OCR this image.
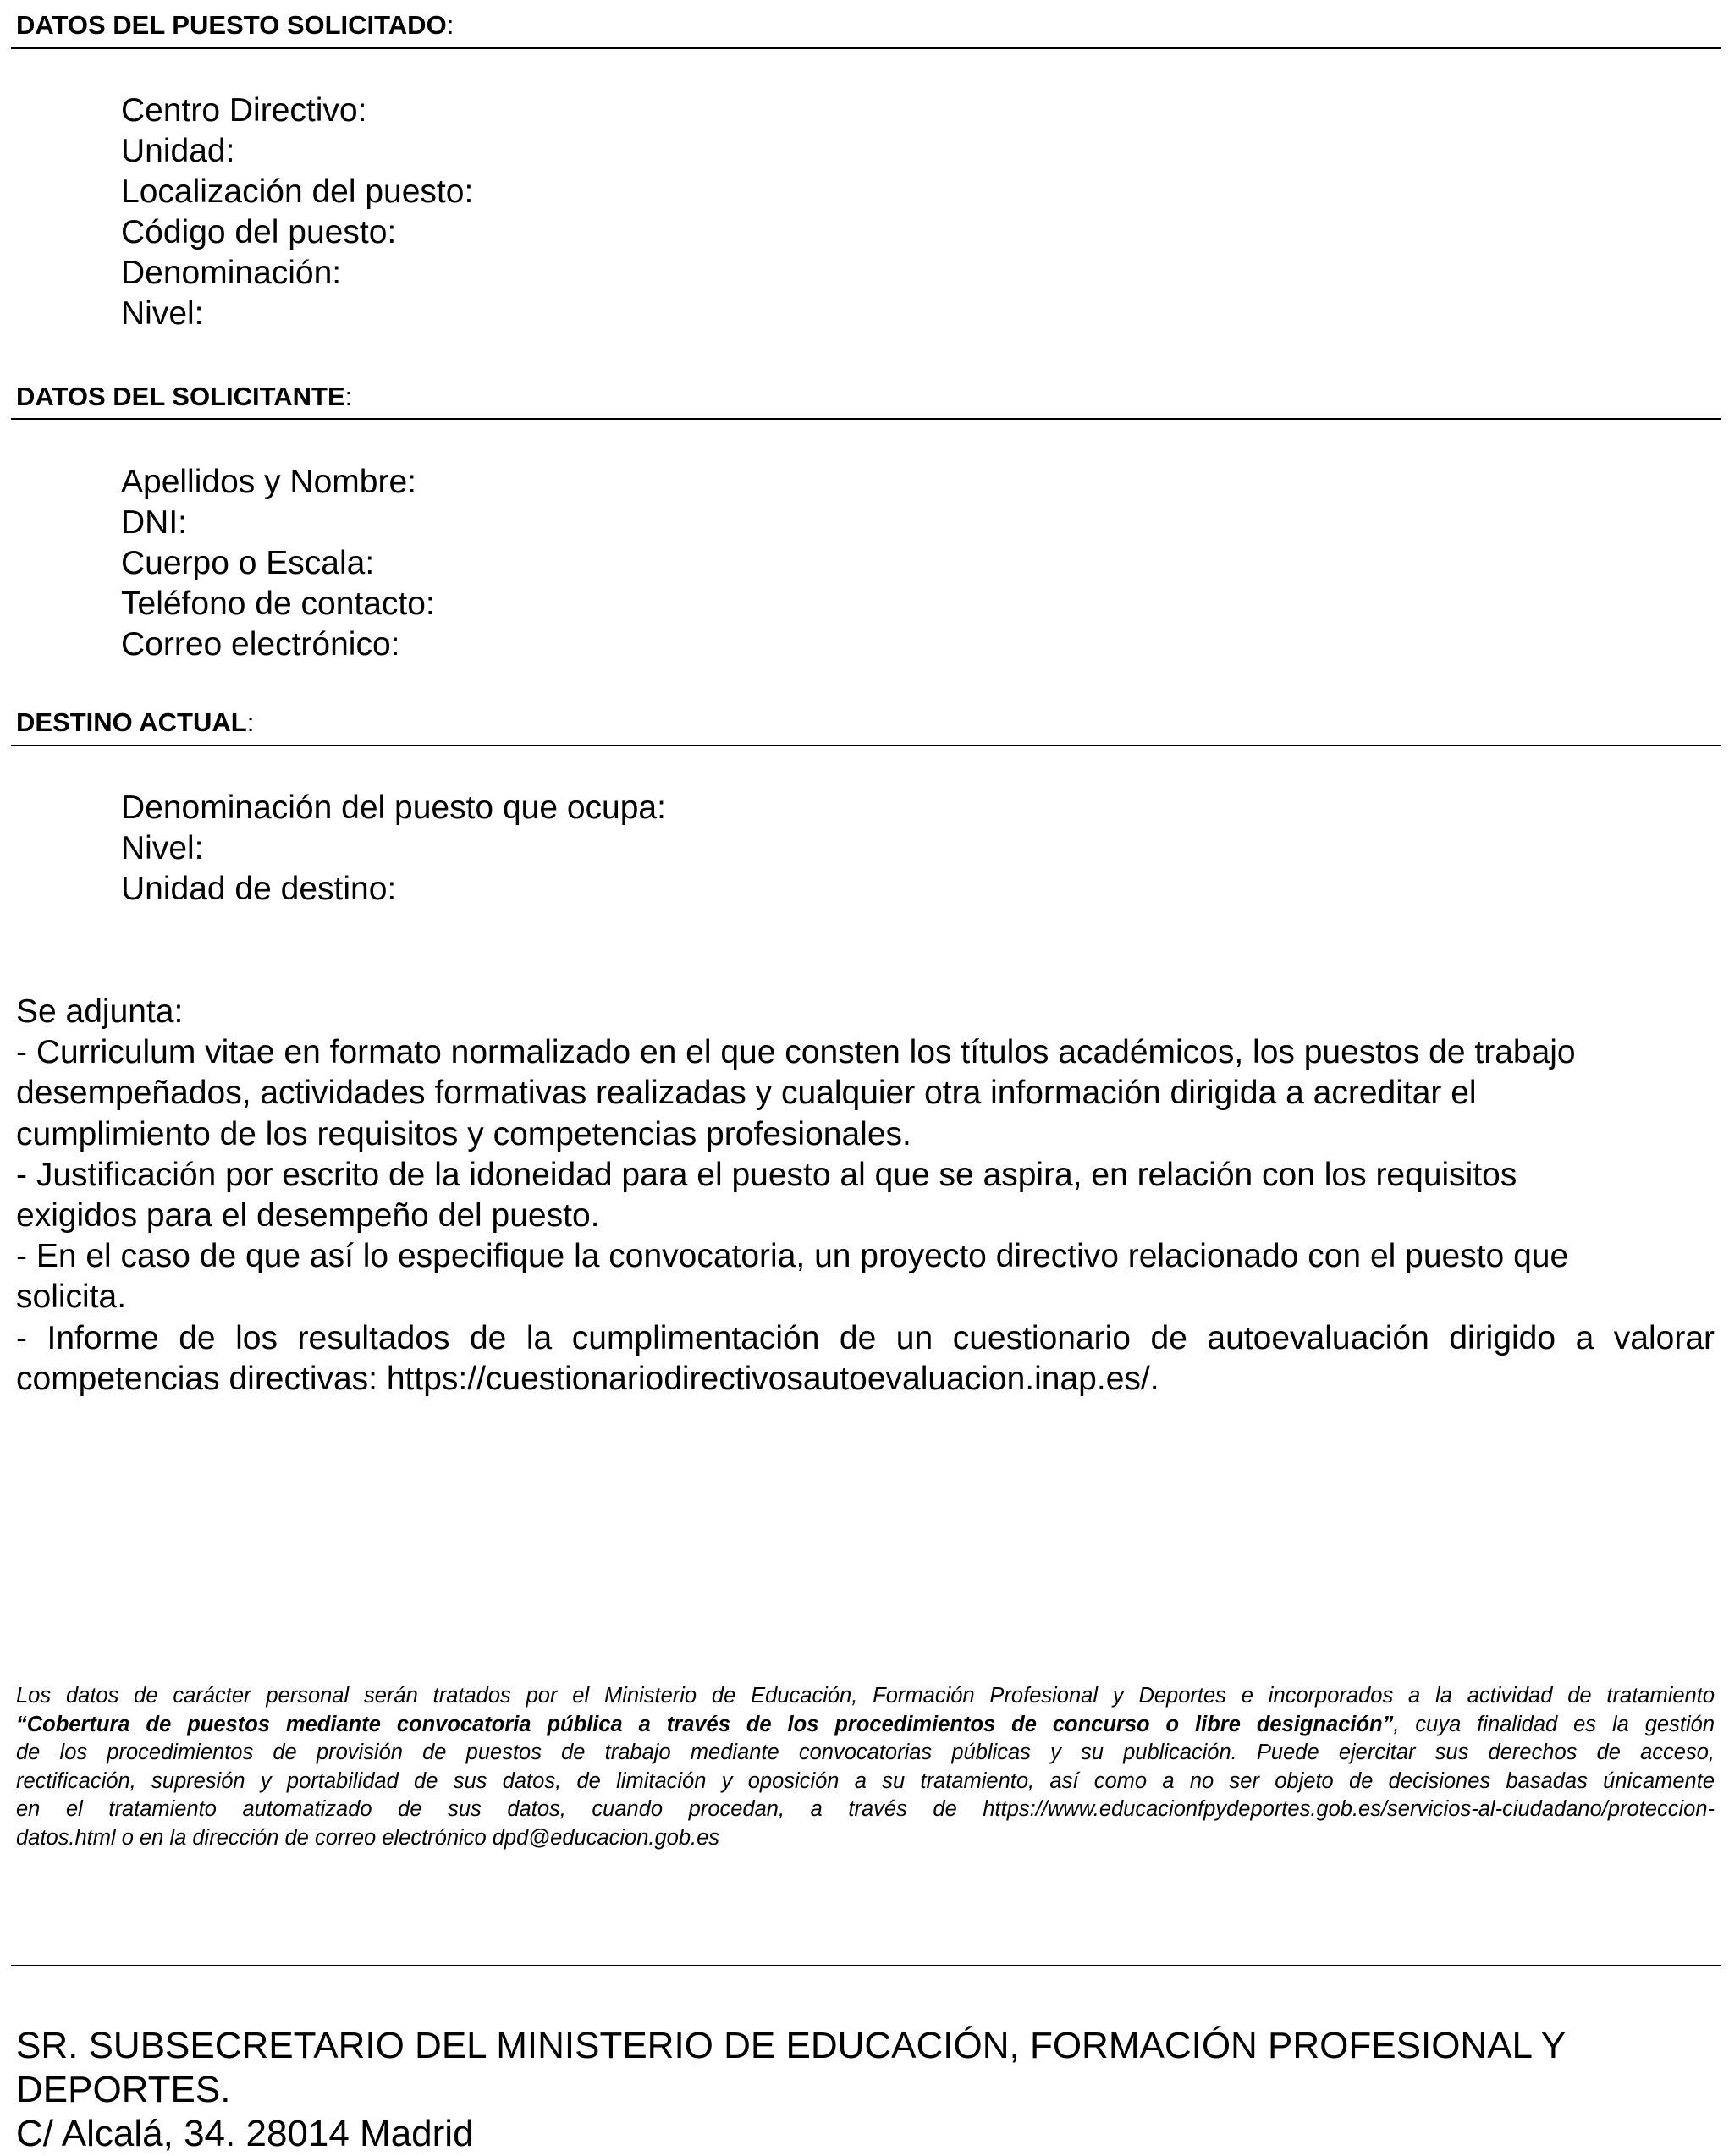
DATOS DEL PUESTO SOLICITADO:
Centro Directivo:
Unidad:
Localización del puesto:
Código del puesto:
Denominación:
Nivel:
DATOS DEL SOLICITANTE:
Apellidos y Nombre:
DNI:
Cuerpo o Escala:
Teléfono de contacto:
Correo electrónico:
DESTINO ACTUAL:
Denominación del puesto que ocupa:
Nivel:
Unidad de destino:
Se adjunta:
- Curriculum vitae en formato normalizado en el que consten los títulos académicos, los puestos de trabajo
desempeñados, actividades formativas realizadas y cualquier otra información dirigida a acreditar el
cumplimiento de los requisitos y competencias profesionales.
- Justificación por escrito de la idoneidad para el puesto al que se aspira, en relación con los requisitos
exigidos para el desempeño del puesto.
- En el caso de que así lo especifique la convocatoria, un proyecto directivo relacionado con el puesto que
solicita.
- Informe de los resultados de la cumplimentación de un cuestionario de autoevaluación dirigido a valorar
competencias directivas: https://cuestionariodirectivosautoevaluacion.inap.es/.
Los datos de carácter personal serán tratados por el Ministerio de Educación, Formación Profesional y Deportes e incorporados a la actividad de tratamiento
“Cobertura de puestos mediante convocatoria pública a través de los procedimientos de concurso o libre designación”, cuya finalidad es la gestión
de los procedimientos de provisión de puestos de trabajo mediante convocatorias públicas y su publicación. Puede ejercitar sus derechos de acceso,
rectificación, supresión y portabilidad de sus datos, de limitación y oposición a su tratamiento, así como a no ser objeto de decisiones basadas únicamente
en el tratamiento automatizado de sus datos, cuando procedan, a través de https://www.educacionfpydeportes.gob.es/servicios-al-ciudadano/proteccion-
datos.html o en la dirección de correo electrónico dpd@educacion.gob.es
SR. SUBSECRETARIO DEL MINISTERIO DE EDUCACIÓN, FORMACIÓN PROFESIONAL Y
DEPORTES.
C/ Alcalá, 34. 28014 Madrid
